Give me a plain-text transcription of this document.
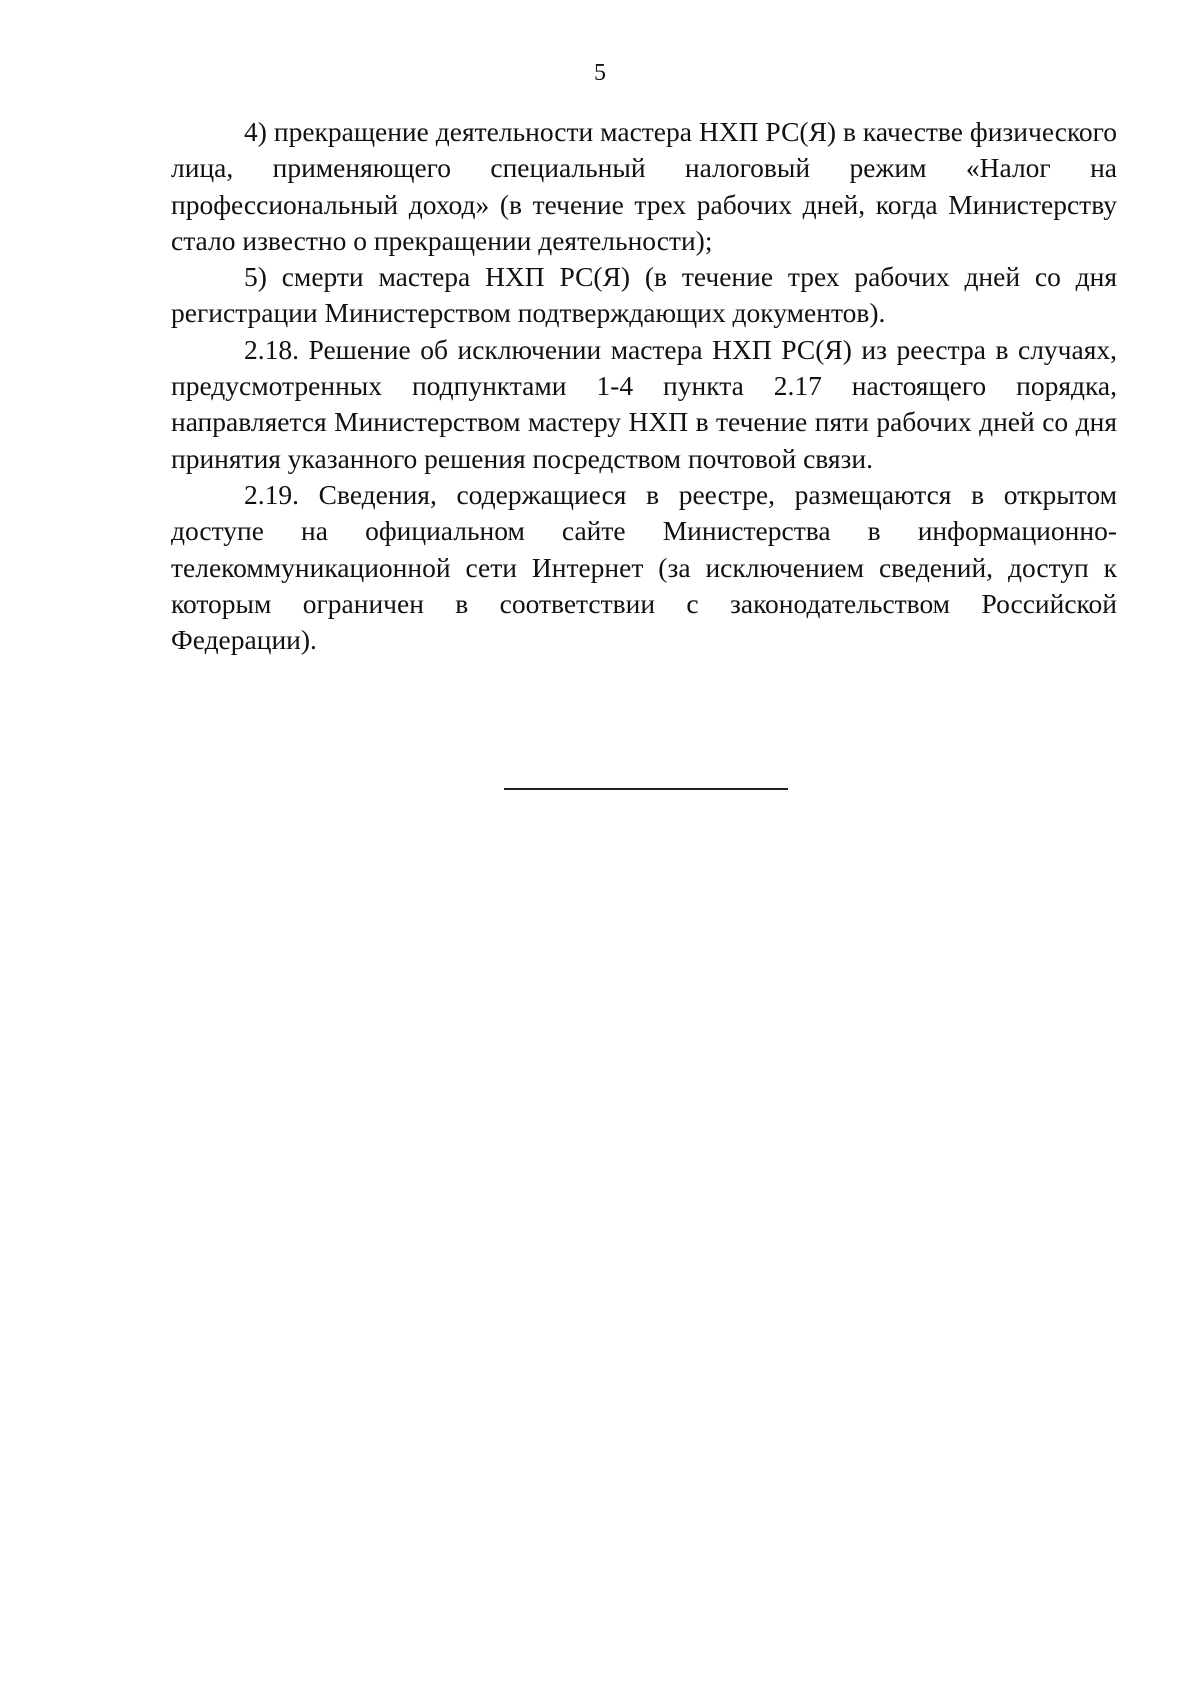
5

4) прекращение деятельности мастера НХП РС(Я) в качестве физического лица, применяющего специальный налоговый режим «Налог на профессиональный доход» (в течение трех рабочих дней, когда Министерству стало известно о прекращении деятельности);

5) смерти мастера НХП РС(Я) (в течение трех рабочих дней со дня регистрации Министерством подтверждающих документов).

2.18. Решение об исключении мастера НХП РС(Я) из реестра в случаях, предусмотренных подпунктами 1-4 пункта 2.17 настоящего порядка, направляется Министерством мастеру НХП в течение пяти рабочих дней со дня принятия указанного решения посредством почтовой связи.

2.19. Сведения, содержащиеся в реестре, размещаются в открытом доступе на официальном сайте Министерства в информационно-телекоммуникационной сети Интернет (за исключением сведений, доступ к которым ограничен в соответствии с законодательством Российской Федерации).
